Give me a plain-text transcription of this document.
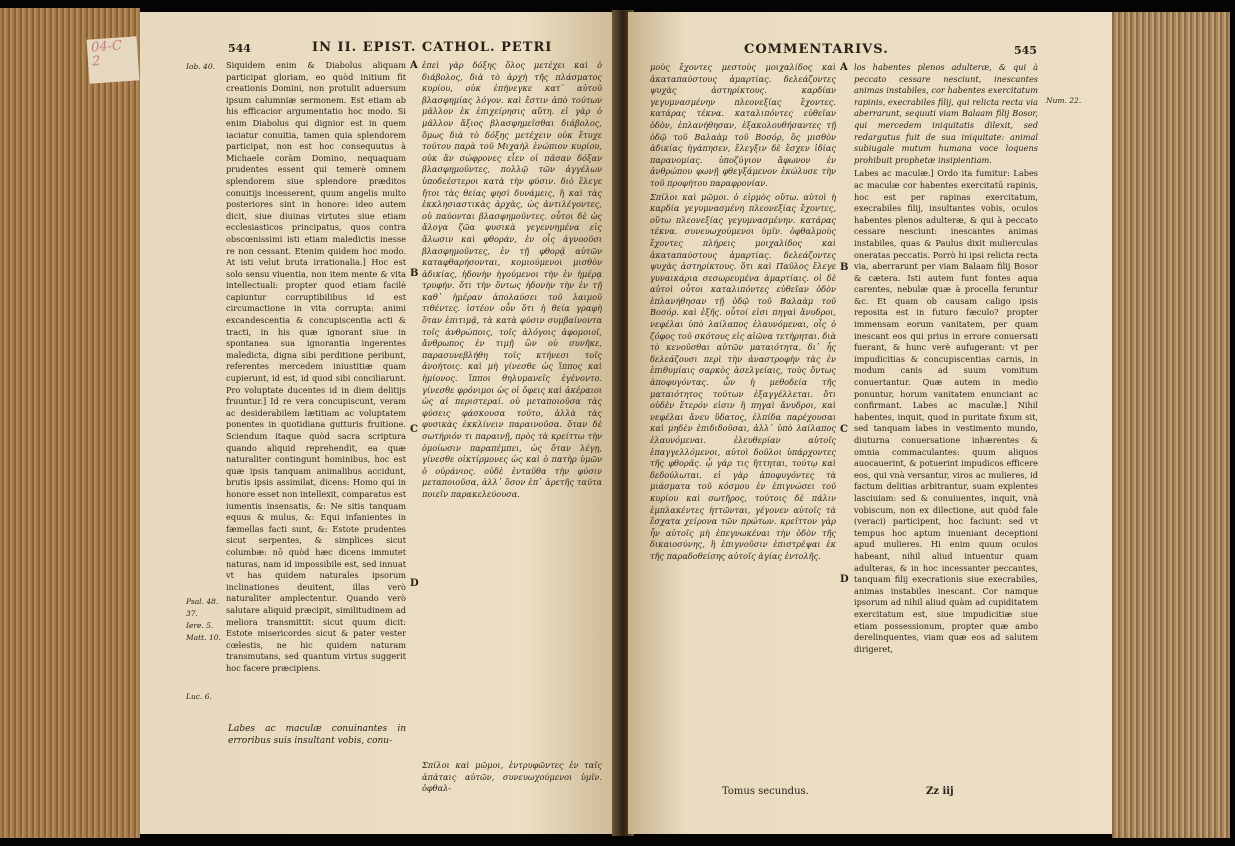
04-C 2
544	IN II. EPIST. CATHOL. PETRI
Iob. 40.
Psal. 48.
37.
Iere. 5.
Matt. 10.
Luc. 6.

Siquidem enim & Diabolus aliquam participat gloriam, eo quòd initium fit creationis Domini, non protulit aduersum ipsum calumniæ sermonem. Est etiam ab his efficacior argumentatio hoc modo. Si enim Diabolus qui dignior est in quem iaciatur conuitia, tamen quia splendorem participat, non est hoc consequutus à Michaele coràm Domino, nequaquam prudentes essent qui temerè omnem splendorem siue splendore præditos conuitijs incesserent, quum angelis multo posteriores sint in honore: ideo autem dicit, siue diuinas virtutes siue etiam ecclesiasticos principatus, quos contra obscœnissimi isti etiam maledictis inesse re non cessant. Etenim quidem hoc modo. At isti velut bruta irrationalia.] Hoc est solo sensu viuentia, non item mente & vita intellectuali: propter quod etiam facilè capiuntur corruptibilibus id est circumactione in vita corrupta: animi excandescentia & concupiscentia acti & tracti, in his quæ ignorant siue in spontanea sua ignorantia ingerentes maledicta, digna sibi perditione peribunt, referentes mercedem iniustitiæ quam cupierunt, id est, id quod sibi conciliarunt. Pro voluptate ducentes id in diem delitijs fruuntur.] Id re vera concupiscunt, veram ac desiderabilem lætitiam ac voluptatem ponentes in quotidiana gutturis fruitione. Sciendum itaque quòd sacra scriptura quando aliquid reprehendit, ea quæ naturaliter contingunt hominibus, hoc est quæ ipsis tanquam animalibus accidunt, brutis ipsis assimilat, dicens: Homo qui in honore esset non intellexit, comparatus est iumentis insensatis, &: Ne sitis tanquam equus & mulus, &: Equi infanientes in fæmellas facti sunt, &: Estote prudentes sicut serpentes, & simplices sicut columbæ: nō quòd hæc dicens immutet naturas, nam id impossibile est, sed innuat vt has quidem naturales ipsorum inclinationes deuitent, illas verò naturaliter amplectentur. Quando verò salutare aliquid præcipit, similitudinem ad meliora transmittit: sicut quum dicit: Estote misericordes sicut & pater vester cœlestis, ne hic quidem naturam transmutans, sed quantum virtus suggerit hoc facere præcipiens.

Labes ac maculæ conuinantes in erroribus suis insultant vobis, conu-
A
B
C
D

ἐπεὶ γὰρ δόξης ὅλος μετέχει καὶ ὁ διάβολος, διὰ τὸ ἀρχὴ τῆς πλάσματος κυρίου, οὐκ ἐπήνεγκε κατ᾽ αὐτοῦ βλασφημίας λόγον. καὶ ἔστιν ἀπὸ τούτων μᾶλλον ἐκ ἐπιχείρησις αὕτη. εἰ γὰρ ὁ μᾶλλον ἄξιος βλασφημεῖσθαι διάβολος, ὅμως διὰ τὸ δόξης μετέχειν οὐκ ἔτυχε τούτου παρὰ τοῦ Μιχαὴλ ἐνώπιον κυρίου, οὐκ ἂν σώφρονες εἶεν οἱ πᾶσαν δόξαν βλασφημοῦντες, πολλῷ τῶν ἀγγέλων ὑποδεέστεροι κατὰ τὴν φύσιν. διὸ ἔλεγε ἤτοι τὰς θείας φησὶ δυνάμεις, ἢ καὶ τὰς ἐκκλησιαστικὰς ἀρχὰς, ὡς ἀντιλέγοντες, οὐ παύονται βλασφημοῦντες. οὗτοι δὲ ὡς ἄλογα ζῶα φυσικὰ γεγεννημένα εἰς ἅλωσιν καὶ φθοράν, ἐν οἷς ἀγνοοῦσι βλασφημοῦντες, ἐν τῇ φθορᾷ αὐτῶν καταφθαρήσονται, κομιούμενοι μισθὸν ἀδικίας, ἡδονὴν ἡγούμενοι τὴν ἐν ἡμέρᾳ τρυφήν. ὅτι τὴν ὄντως ἡδονὴν τὴν ἐν τῇ καθ᾽ ἡμέραν ἀπολαύσει τοῦ λαιμοῦ τιθέντες. ἰστέον οὖν ὅτι ἡ θεία γραφὴ ὅταν ἐπιτιμᾷ, τὰ κατὰ φύσιν συμβαίνοντα τοῖς ἀνθρώποις, τοῖς ἀλόγοις ἀφομοιοῖ, ἄνθρωπος ἐν τιμῇ ὢν οὐ συνῆκε, παρασυνεβλήθη τοῖς κτήνεσι τοῖς ἀνοήτοις. καὶ μὴ γίνεσθε ὡς ἵππος καὶ ἡμίονος. ἵπποι θηλυμανεῖς ἐγένοντο. γίνεσθε φρόνιμοι ὡς οἱ ὄφεις καὶ ἀκέραιοι ὡς αἱ περιστεραί. οὐ μεταποιοῦσα τὰς φύσεις φάσκουσα τοῦτο, ἀλλὰ τὰς φυσικὰς ἐκκλίνειν παραινοῦσα. ὅταν δὲ σωτήριόν τι παραινῇ, πρὸς τὰ κρείττω τὴν ὁμοίωσιν παραπέμπει, ὡς ὅταν λέγῃ, γίνεσθε οἰκτίρμονες ὡς καὶ ὁ πατὴρ ὑμῶν ὁ οὐράνιος. οὐδὲ ἐνταῦθα τὴν φύσιν μεταποιοῦσα, ἀλλ᾽ ὅσον ἐπ᾽ ἀρετῆς ταῦτα ποιεῖν παρακελεύουσα.

Σπίλοι καὶ μῶμοι, ἐντρυφῶντες ἐν ταῖς ἀπάταις αὐτῶν, συνευωχούμενοι ὑμῖν. ὀφθαλ-
COMMENTARIVS.	545

μοὺς ἔχοντες μεστοὺς μοιχαλίδος καὶ ἀκαταπαύστους ἁμαρτίας. δελεάζοντες ψυχὰς ἀστηρίκτους. καρδίαν γεγυμνασμένην πλεονεξίας ἔχοντες. κατάρας τέκνα. καταλιπόντες εὐθεῖαν ὁδὸν, ἐπλανήθησαν, ἐξακολουθήσαντες τῇ ὁδῷ τοῦ Βαλαὰμ τοῦ Βοσόρ, ὃς μισθὸν ἀδικίας ἠγάπησεν, ἔλεγξιν δὲ ἔσχεν ἰδίας παρανομίας. ὑποζύγιον ἄφωνον ἐν ἀνθρώπου φωνῇ φθεγξάμενον ἐκώλυσε τὴν τοῦ προφήτου παραφρονίαν.

Σπίλοι καὶ μῶμοι. ὁ εἱρμὸς οὕτω. αὐτοὶ ἡ καρδία γεγυμνασμένη πλεονεξίας ἔχοντες, οὕτω πλεονεξίας γεγυμνασμένην. κατάρας τέκνα. συνευωχούμενοι ὑμῖν. ὀφθαλμοὺς ἔχοντες πλήρεις μοιχαλίδος καὶ ἀκαταπαύστους ἁμαρτίας. δελεάζοντες ψυχὰς ἀστηρίκτους. ὅτι καὶ Παῦλος ἔλεγε γυναικάρια σεσωρευμένα ἁμαρτίαις. οἱ δὲ αὐτοὶ οὗτοι καταλιπόντες εὐθεῖαν ὁδὸν ἐπλανήθησαν τῇ ὁδῷ τοῦ Βαλαὰμ τοῦ Βοσόρ. καὶ ἑξῆς. οὗτοί εἰσι πηγαὶ ἄνυδροι, νεφέλαι ὑπὸ λαίλαπος ἐλαυνόμεναι, οἷς ὁ ζόφος τοῦ σκότους εἰς αἰῶνα τετήρηται. διὰ τὸ κενοῦσθαι αὐτῶν ματαιότητα, δι᾽ ἧς δελεάζουσι περὶ τὴν ἀναστροφὴν τὰς ἐν ἐπιθυμίαις σαρκὸς ἀσελγείαις, τοὺς ὄντως ἀποφυγόντας. ὧν ἡ μεθοδεία τῆς ματαιότητος τούτων ἐξαγγέλλεται. ὅτι οὐδὲν ἕτερόν εἰσιν ἢ πηγαὶ ἄνυδροι, καὶ νεφέλαι ἄνευ ὕδατος, ἐλπίδα παρέχουσαι καὶ μηδὲν ἐπιδιδοῦσαι, ἀλλ᾽ ὑπὸ λαίλαπος ἐλαυνόμεναι. ἐλευθερίαν αὐτοῖς ἐπαγγελλόμενοι, αὐτοὶ δοῦλοι ὑπάρχοντες τῆς φθορᾶς. ᾧ γάρ τις ἥττηται, τούτῳ καὶ δεδούλωται. εἰ γὰρ ἀποφυγόντες τὰ μιάσματα τοῦ κόσμου ἐν ἐπιγνώσει τοῦ κυρίου καὶ σωτῆρος, τούτοις δὲ πάλιν ἐμπλακέντες ἡττῶνται, γέγονεν αὐτοῖς τὰ ἔσχατα χείρονα τῶν πρώτων. κρεῖττον γὰρ ἦν αὐτοῖς μὴ ἐπεγνωκέναι τὴν ὁδὸν τῆς δικαιοσύνης, ἢ ἐπιγνοῦσιν ἐπιστρέψαι ἐκ τῆς παραδοθείσης αὐτοῖς ἁγίας ἐντολῆς.

Tomus secundus.
A
B
C
D

los habentes plenos adulteræ, & qui à peccato cessare nesciunt, inescantes animas instabiles, cor habentes exercitatum rapinis, execrabiles filij, qui relicta recta via aberrarunt, sequuti viam Balaam filij Bosor, qui mercedem iniquitatis dilexit, sed redargutus fuit de sua iniquitate: animal subiugale mutum humana voce loquens prohibuit prophetæ insipientiam.

Labes ac maculæ.] Ordo ita fumitur: Labes ac maculæ cor habentes exercitatū rapinis, hoc est per rapinas exercitatum, execrabiles filij, insultantes vobis, oculos habentes plenos adulteræ, & qui à peccato cessare nesciunt: inescantes animas instabiles, quas & Paulus dixit mulierculas oneratas peccatis. Porrò hi ipsi relicta recta via, aberrarunt per viam Balaam filij Bosor & cætera. Isti autem funt fontes aqua carentes, nebulæ quæ à procella feruntur &c. Et quam ob causam caligo ipsis reposita est in futuro fæculo? propter immensam eorum vanitatem, per quam inescant eos qui prius in errore conuersati fuerant, & hunc verè aufugerant: vt per impudicitias & concupiscentias carnis, in modum canis ad suum vomitum conuertantur. Quæ autem in medio ponuntur, horum vanitatem enunciant ac confirmant. Labes ac maculæ.] Nihil habentes, inquit, quod in puritate fixum sit, sed tanquam labes in vestimento mundo, diuturna conuersatione inhærentes & omnia commaculantes: quum aliquos auocauerint, & potuerint impudicos efficere eos, qui vnà versantur, viros ac mulieres, id factum delitias arbitrantur, suam explentes lasciuiam: sed & conuiuentes, inquit, vnà vobiscum, non ex dilectione, aut quòd fale (veraci) participent, hoc faciunt: sed vt tempus hoc aptum inueniant deceptioni apud mulieres. Hi enim quum oculos habeant, nihil aliud intuentur quam adulteras, & in hoc incessanter peccantes, tanquam filij execrationis siue execrabiles, animas instabiles inescant. Cor namque ipsorum ad nihil aliud quàm ad cupiditatem exercitatum est, siue impudicitiæ siue etiam possessionum, propter quæ ambo derelinquentes, viam quæ eos ad salutem dirigeret,

Zz iij
Num. 22.
